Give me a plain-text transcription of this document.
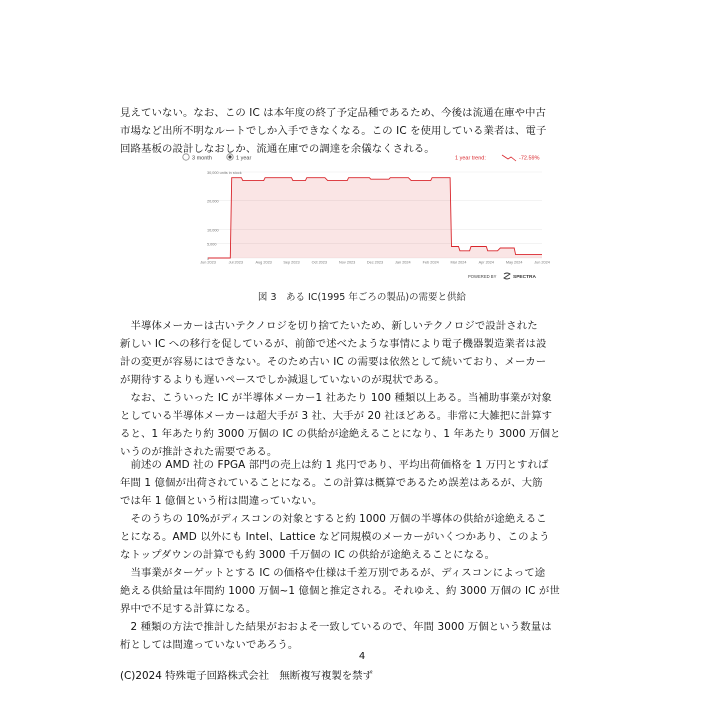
見えていない。なお、この IC は本年度の終了予定品種であるため、今後は流通在庫や中古
市場など出所不明なルートでしか入手できなくなる。この IC を使用している業者は、電子
回路基板の設計しなおしか、流通在庫での調達を余儀なくされる。
3 month	1 year	1 year trend:	-72.59%
30,000 units in stock
20,000
10,000
5,000
0
Jun 2023	Jul 2023	Aug 2023	Sep 2023	Oct 2023	Nov 2023	Dec 2023	Jan 2024	Feb 2024	Mar 2024	Apr 2024	May 2024	Jun 2024
POWERED BY	SPECTRA
図 3　ある IC(1995 年ごろの製品)の需要と供給
　半導体メーカーは古いテクノロジを切り捨てたいため、新しいテクノロジで設計された
新しい IC への移行を促しているが、前節で述べたような事情により電子機器製造業者は設
計の変更が容易にはできない。そのため古い IC の需要は依然として続いており、メーカー
が期待するよりも遅いペースでしか減退していないのが現状である。
　なお、こういった IC が半導体メーカー1 社あたり 100 種類以上ある。当補助事業が対象
としている半導体メーカーは超大手が 3 社、大手が 20 社ほどある。非常に大雑把に計算す
ると、1 年あたり約 3000 万個の IC の供給が途絶えることになり、1 年あたり 3000 万個と
いうのが推計された需要である。
　前述の AMD 社の FPGA 部門の売上は約 1 兆円であり、平均出荷価格を 1 万円とすれば
年間 1 億個が出荷されていることになる。この計算は概算であるため誤差はあるが、大筋
では年 1 億個という桁は間違っていない。
　そのうちの 10%がディスコンの対象とすると約 1000 万個の半導体の供給が途絶えるこ
とになる。AMD 以外にも Intel、Lattice など同規模のメーカーがいくつかあり、このよう
なトップダウンの計算でも約 3000 千万個の IC の供給が途絶えることになる。
　当事業がターゲットとする IC の価格や仕様は千差万別であるが、ディスコンによって途
絶える供給量は年間約 1000 万個~1 億個と推定される。それゆえ、約 3000 万個の IC が世
界中で不足する計算になる。
　2 種類の方法で推計した結果がおおよそ一致しているので、年間 3000 万個という数量は
桁としては間違っていないであろう。
4
(C)2024 特殊電子回路株式会社　無断複写複製を禁ず
